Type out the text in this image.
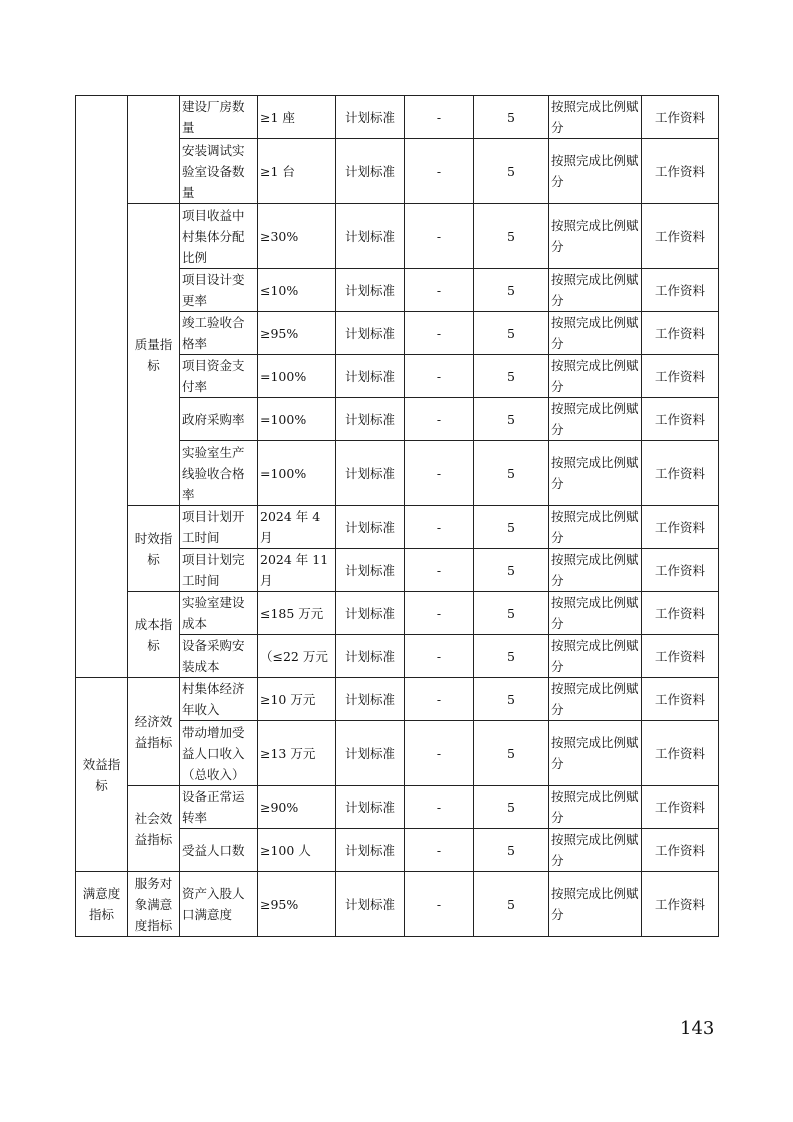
		建设厂房数量	≥1 座	计划标准	-	5	按照完成比例赋分	工作资料
		安装调试实验室设备数量	≥1 台	计划标准	-	5	按照完成比例赋分	工作资料
	质量指标	项目收益中村集体分配比例	≥30%	计划标准	-	5	按照完成比例赋分	工作资料
		项目设计变更率	≤10%	计划标准	-	5	按照完成比例赋分	工作资料
		竣工验收合格率	≥95%	计划标准	-	5	按照完成比例赋分	工作资料
		项目资金支付率	=100%	计划标准	-	5	按照完成比例赋分	工作资料
		政府采购率	=100%	计划标准	-	5	按照完成比例赋分	工作资料
		实验室生产线验收合格率	=100%	计划标准	-	5	按照完成比例赋分	工作资料
	时效指标	项目计划开工时间	2024 年 4 月	计划标准	-	5	按照完成比例赋分	工作资料
		项目计划完工时间	2024 年 11 月	计划标准	-	5	按照完成比例赋分	工作资料
	成本指标	实验室建设成本	≤185 万元	计划标准	-	5	按照完成比例赋分	工作资料
		设备采购安装成本	（≤22 万元	计划标准	-	5	按照完成比例赋分	工作资料
效益指标	经济效益指标	村集体经济年收入	≥10 万元	计划标准	-	5	按照完成比例赋分	工作资料
		带动增加受益人口收入（总收入）	≥13 万元	计划标准	-	5	按照完成比例赋分	工作资料
	社会效益指标	设备正常运转率	≥90%	计划标准	-	5	按照完成比例赋分	工作资料
		受益人口数	≥100 人	计划标准	-	5	按照完成比例赋分	工作资料
满意度指标	服务对象满意度指标	资产入股人口满意度	≥95%	计划标准	-	5	按照完成比例赋分	工作资料
143
